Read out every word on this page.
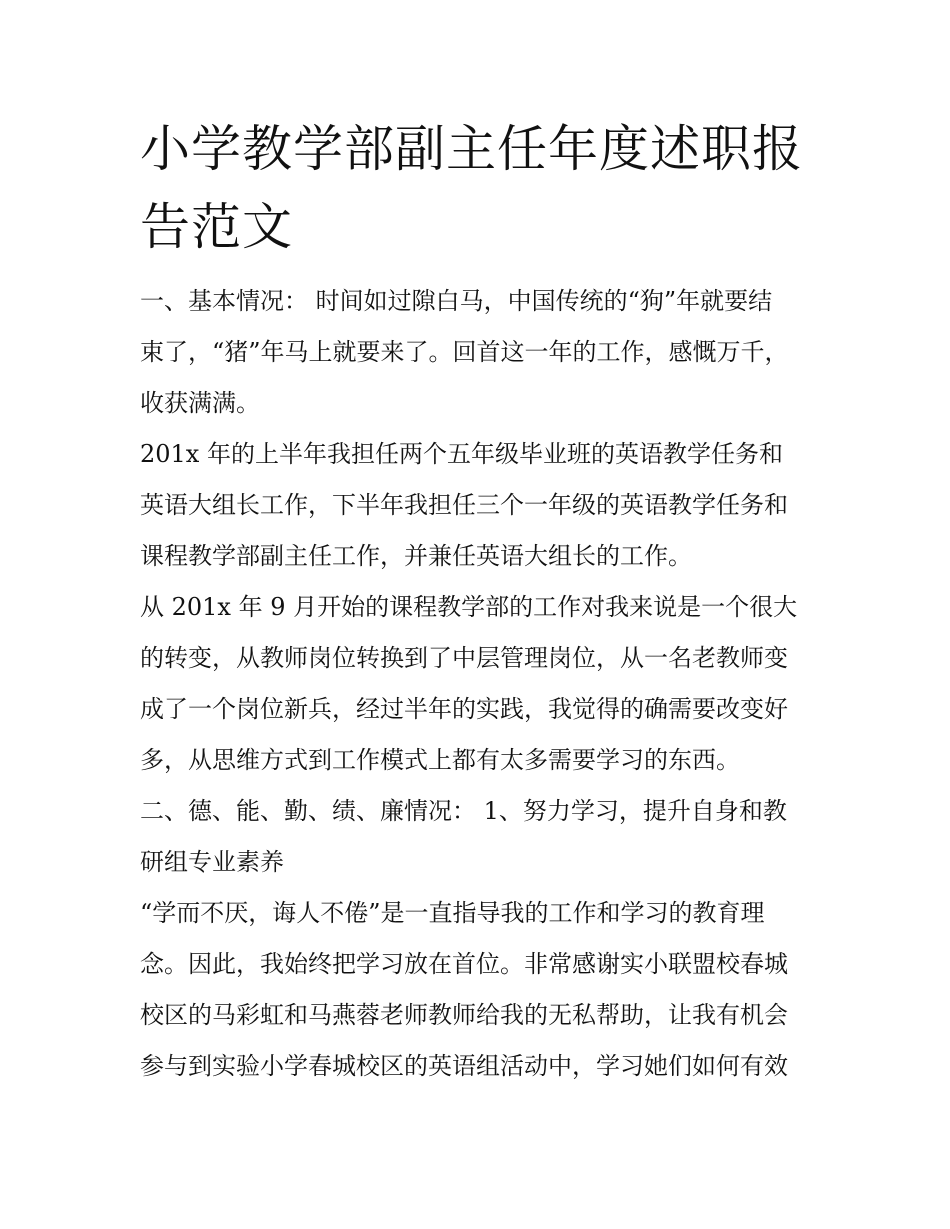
小学教学部副主任年度述职报
告范文

一、基本情况： 时间如过隙白马，中国传统的“狗”年就要结
束了，“猪”年马上就要来了。回首这一年的工作，感慨万千，
收获满满。

201x 年的上半年我担任两个五年级毕业班的英语教学任务和
英语大组长工作，下半年我担任三个一年级的英语教学任务和
课程教学部副主任工作，并兼任英语大组长的工作。

从 201x 年 9 月开始的课程教学部的工作对我来说是一个很大
的转变，从教师岗位转换到了中层管理岗位，从一名老教师变
成了一个岗位新兵，经过半年的实践，我觉得的确需要改变好
多，从思维方式到工作模式上都有太多需要学习的东西。

二、德、能、勤、绩、廉情况： 1、努力学习，提升自身和教
研组专业素养

“学而不厌，诲人不倦”是一直指导我的工作和学习的教育理
念。因此，我始终把学习放在首位。非常感谢实小联盟校春城
校区的马彩虹和马燕蓉老师教师给我的无私帮助，让我有机会
参与到实验小学春城校区的英语组活动中，学习她们如何有效
